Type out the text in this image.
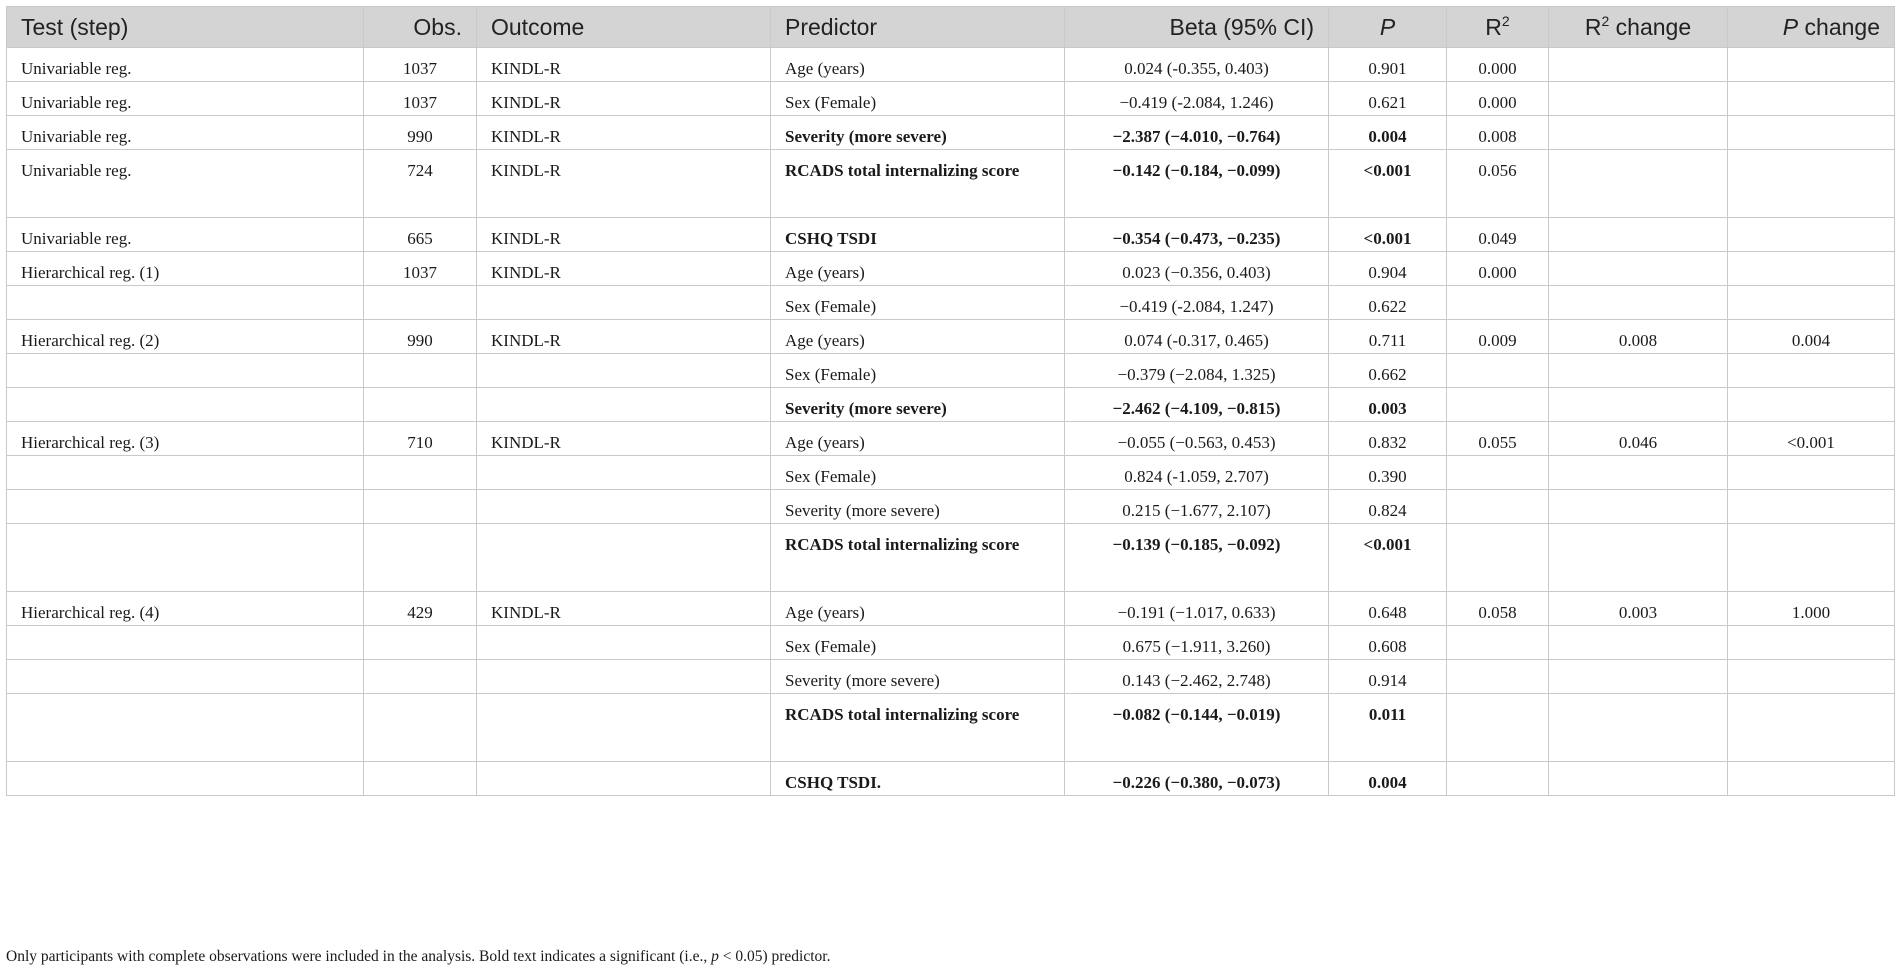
Test (step)	Obs.	Outcome	Predictor	Beta (95% CI)	P	$R^2$	$R^2$ change	P change
Univariable reg.	1037	KINDL-R	Age (years)	0.024 (-0.355, 0.403)	0.901	0.000		
Univariable reg.	1037	KINDL-R	Sex (Female)	−0.419 (-2.084, 1.246)	0.621	0.000		
Univariable reg.	990	KINDL-R	Severity (more severe)	−2.387 (−4.010, −0.764)	0.004	0.008		
Univariable reg.	724	KINDL-R	RCADS total internalizing score	−0.142 (−0.184, −0.099)	<0.001	0.056		
Univariable reg.	665	KINDL-R	CSHQ TSDI	−0.354 (−0.473, −0.235)	<0.001	0.049		
Hierarchical reg. (1)	1037	KINDL-R	Age (years)	0.023 (−0.356, 0.403)	0.904	0.000		
			Sex (Female)	−0.419 (-2.084, 1.247)	0.622			
Hierarchical reg. (2)	990	KINDL-R	Age (years)	0.074 (-0.317, 0.465)	0.711	0.009	0.008	0.004
			Sex (Female)	−0.379 (−2.084, 1.325)	0.662			
			Severity (more severe)	−2.462 (−4.109, −0.815)	0.003			
Hierarchical reg. (3)	710	KINDL-R	Age (years)	−0.055 (−0.563, 0.453)	0.832	0.055	0.046	<0.001
			Sex (Female)	0.824 (-1.059, 2.707)	0.390			
			Severity (more severe)	0.215 (−1.677, 2.107)	0.824			
			RCADS total internalizing score	−0.139 (−0.185, −0.092)	<0.001			
Hierarchical reg. (4)	429	KINDL-R	Age (years)	−0.191 (−1.017, 0.633)	0.648	0.058	0.003	1.000
			Sex (Female)	0.675 (−1.911, 3.260)	0.608			
			Severity (more severe)	0.143 (−2.462, 2.748)	0.914			
			RCADS total internalizing score	−0.082 (−0.144, −0.019)	0.011			
			CSHQ TSDI.	−0.226 (−0.380, −0.073)	0.004			
Only participants with complete observations were included in the analysis. Bold text indicates a significant (i.e., p < 0.05) predictor.
